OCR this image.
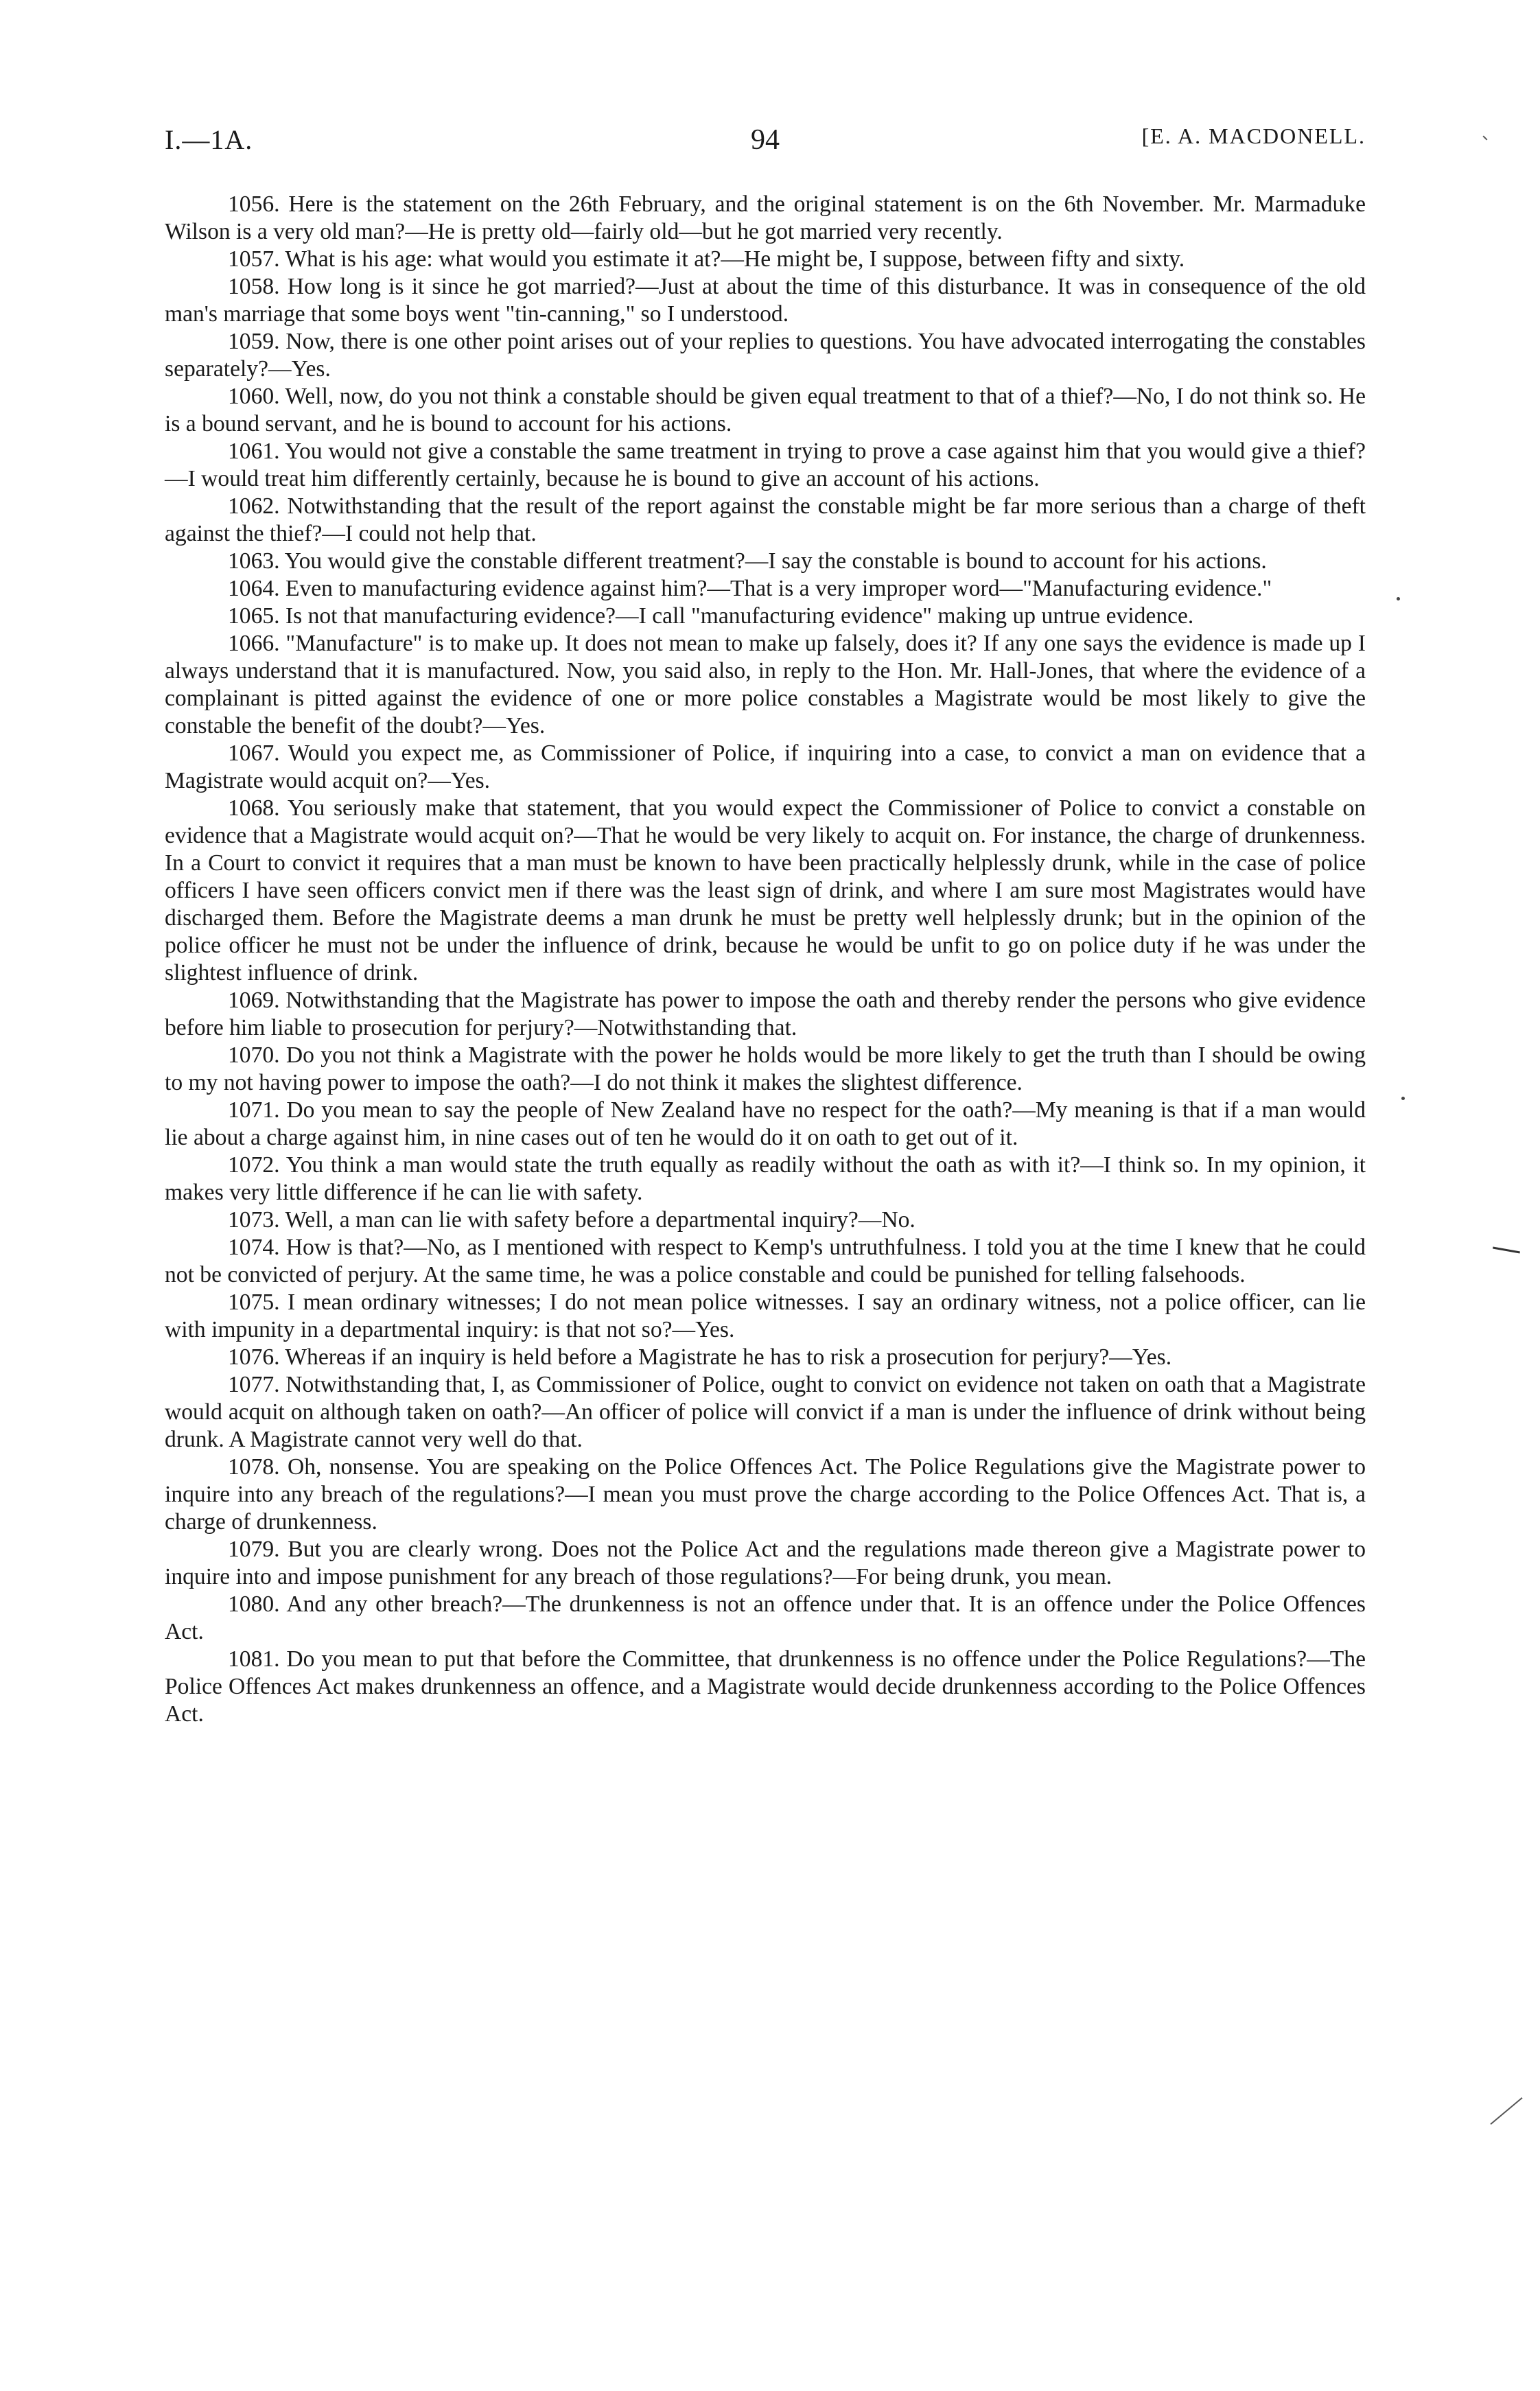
I.—1A.	94	[E. A. MACDONELL.

1056. Here is the statement on the 26th February, and the original statement is on the 6th November. Mr. Marmaduke Wilson is a very old man?—He is pretty old—fairly old—but he got married very recently.

1057. What is his age: what would you estimate it at?—He might be, I suppose, between fifty and sixty.

1058. How long is it since he got married?—Just at about the time of this disturbance. It was in consequence of the old man's marriage that some boys went "tin-canning," so I understood.

1059. Now, there is one other point arises out of your replies to questions. You have advocated interrogating the constables separately?—Yes.

1060. Well, now, do you not think a constable should be given equal treatment to that of a thief?—No, I do not think so. He is a bound servant, and he is bound to account for his actions.

1061. You would not give a constable the same treatment in trying to prove a case against him that you would give a thief?—I would treat him differently certainly, because he is bound to give an account of his actions.

1062. Notwithstanding that the result of the report against the constable might be far more serious than a charge of theft against the thief?—I could not help that.

1063. You would give the constable different treatment?—I say the constable is bound to account for his actions.

1064. Even to manufacturing evidence against him?—That is a very improper word—"Manufacturing evidence."

1065. Is not that manufacturing evidence?—I call "manufacturing evidence" making up untrue evidence.

1066. "Manufacture" is to make up. It does not mean to make up falsely, does it? If any one says the evidence is made up I always understand that it is manufactured. Now, you said also, in reply to the Hon. Mr. Hall-Jones, that where the evidence of a complainant is pitted against the evidence of one or more police constables a Magistrate would be most likely to give the constable the benefit of the doubt?—Yes.

1067. Would you expect me, as Commissioner of Police, if inquiring into a case, to convict a man on evidence that a Magistrate would acquit on?—Yes.

1068. You seriously make that statement, that you would expect the Commissioner of Police to convict a constable on evidence that a Magistrate would acquit on?—That he would be very likely to acquit on. For instance, the charge of drunkenness. In a Court to convict it requires that a man must be known to have been practically helplessly drunk, while in the case of police officers I have seen officers convict men if there was the least sign of drink, and where I am sure most Magistrates would have discharged them. Before the Magistrate deems a man drunk he must be pretty well helplessly drunk; but in the opinion of the police officer he must not be under the influence of drink, because he would be unfit to go on police duty if he was under the slightest influence of drink.

1069. Notwithstanding that the Magistrate has power to impose the oath and thereby render the persons who give evidence before him liable to prosecution for perjury?—Notwithstanding that.

1070. Do you not think a Magistrate with the power he holds would be more likely to get the truth than I should be owing to my not having power to impose the oath?—I do not think it makes the slightest difference.

1071. Do you mean to say the people of New Zealand have no respect for the oath?—My meaning is that if a man would lie about a charge against him, in nine cases out of ten he would do it on oath to get out of it.

1072. You think a man would state the truth equally as readily without the oath as with it?—I think so. In my opinion, it makes very little difference if he can lie with safety.

1073. Well, a man can lie with safety before a departmental inquiry?—No.

1074. How is that?—No, as I mentioned with respect to Kemp's untruthfulness. I told you at the time I knew that he could not be convicted of perjury. At the same time, he was a police constable and could be punished for telling falsehoods.

1075. I mean ordinary witnesses; I do not mean police witnesses. I say an ordinary witness, not a police officer, can lie with impunity in a departmental inquiry: is that not so?—Yes.

1076. Whereas if an inquiry is held before a Magistrate he has to risk a prosecution for perjury?—Yes.

1077. Notwithstanding that, I, as Commissioner of Police, ought to convict on evidence not taken on oath that a Magistrate would acquit on although taken on oath?—An officer of police will convict if a man is under the influence of drink without being drunk. A Magistrate cannot very well do that.

1078. Oh, nonsense. You are speaking on the Police Offences Act. The Police Regulations give the Magistrate power to inquire into any breach of the regulations?—I mean you must prove the charge according to the Police Offences Act. That is, a charge of drunkenness.

1079. But you are clearly wrong. Does not the Police Act and the regulations made thereon give a Magistrate power to inquire into and impose punishment for any breach of those regulations?—For being drunk, you mean.

1080. And any other breach?—The drunkenness is not an offence under that. It is an offence under the Police Offences Act.

1081. Do you mean to put that before the Committee, that drunkenness is no offence under the Police Regulations?—The Police Offences Act makes drunkenness an offence, and a Magistrate would decide drunkenness according to the Police Offences Act.
